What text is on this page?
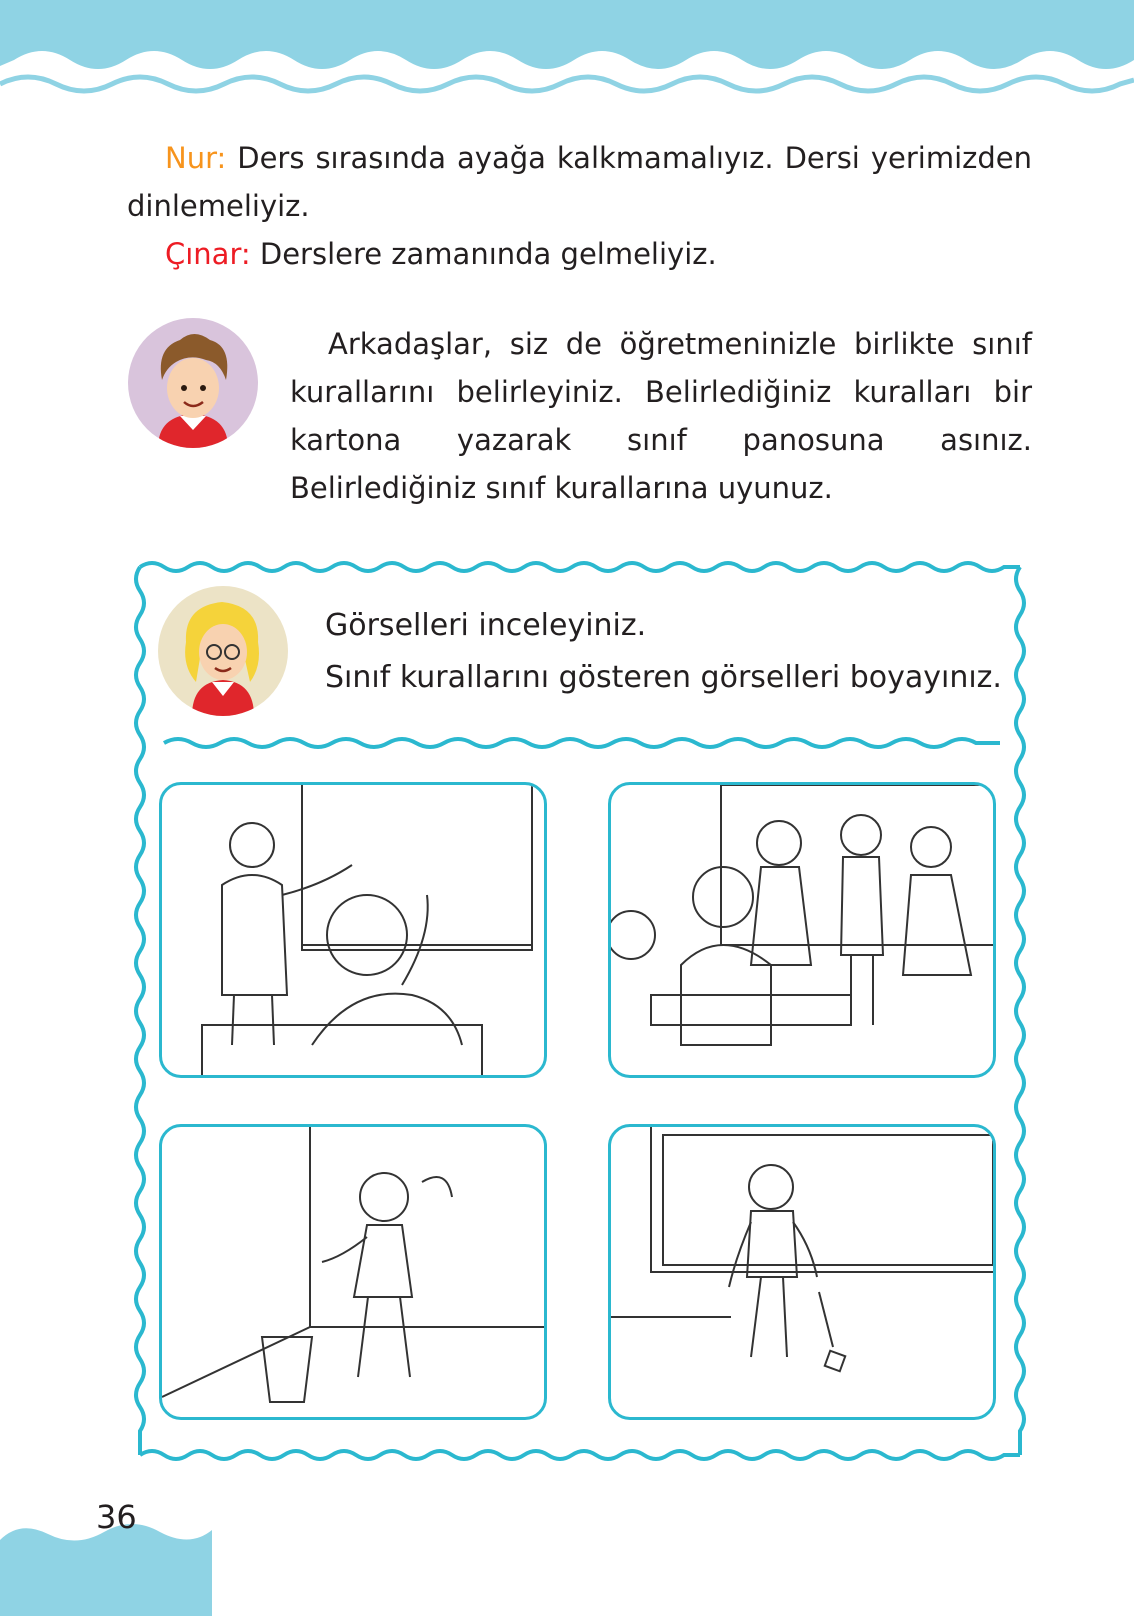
Nur: Ders sırasında ayağa kalkmamalıyız. Dersi yerimizden dinlemeliyiz.

Çınar: Derslere zamanında gelmeliyiz.

Arkadaşlar, siz de öğretmeninizle birlikte sınıf kurallarını belirleyiniz. Belirlediğiniz kuralları bir kartona yazarak sınıf panosuna asınız. Belirlediğiniz sınıf kurallarına uyunuz.

Görselleri inceleyiniz.
Sınıf kurallarını gösteren görselleri boyayınız.
36
